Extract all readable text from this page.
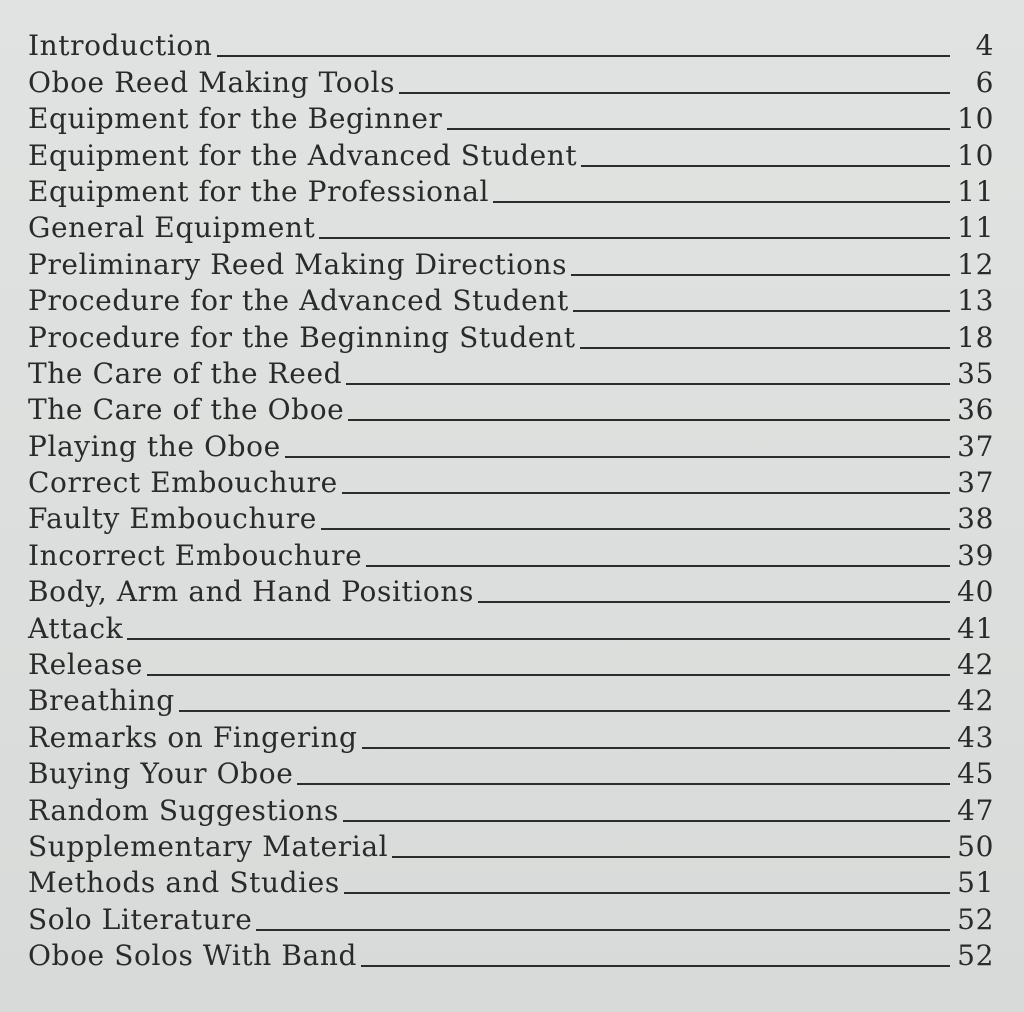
Introduction	4
Oboe Reed Making Tools	6
Equipment for the Beginner	10
Equipment for the Advanced Student	10
Equipment for the Professional	11
General Equipment	11
Preliminary Reed Making Directions	12
Procedure for the Advanced Student	13
Procedure for the Beginning Student	18
The Care of the Reed	35
The Care of the Oboe	36
Playing the Oboe	37
Correct Embouchure	37
Faulty Embouchure	38
Incorrect Embouchure	39
Body, Arm and Hand Positions	40
Attack	41
Release	42
Breathing	42
Remarks on Fingering	43
Buying Your Oboe	45
Random Suggestions	47
Supplementary Material	50
Methods and Studies	51
Solo Literature	52
Oboe Solos With Band	52
